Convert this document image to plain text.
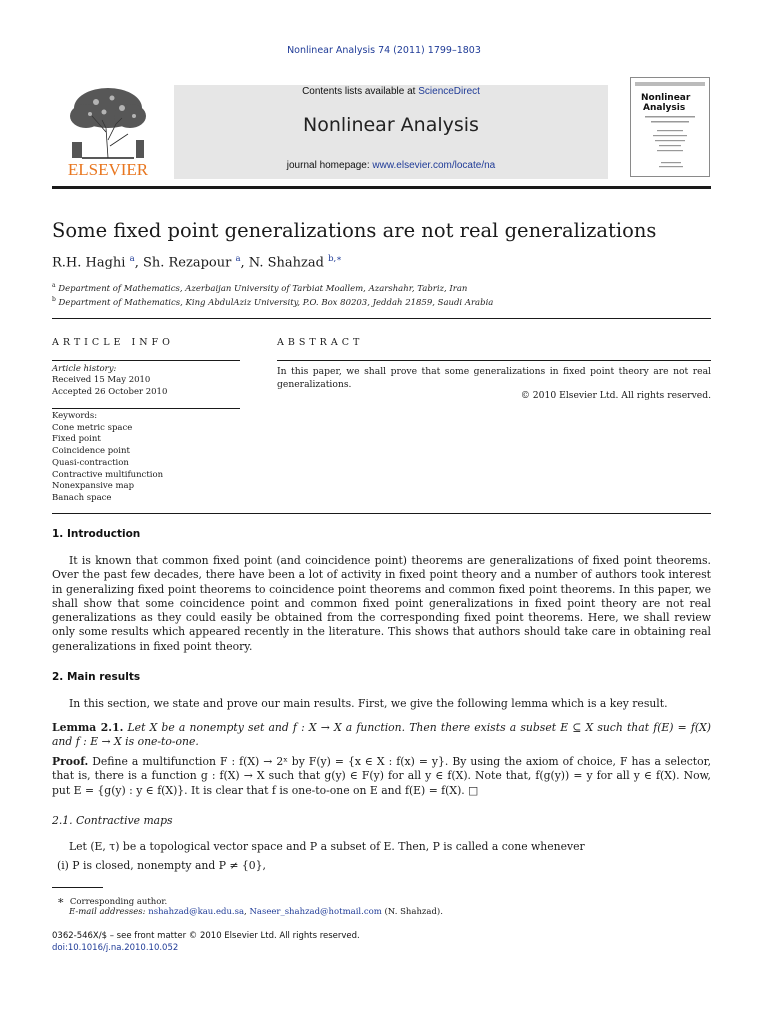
Nonlinear Analysis 74 (2011) 1799–1803
ELSEVIER
Contents lists available at ScienceDirect
Nonlinear Analysis
journal homepage: www.elsevier.com/locate/na
Nonlinear
Analysis
Some fixed point generalizations are not real generalizations
R.H. Haghi $^a$, Sh. Rezapour $^a$, N. Shahzad $^{b,∗}$
$^a$ Department of Mathematics, Azerbaijan University of Tarbiat Moallem, Azarshahr, Tabriz, Iran
$^b$ Department of Mathematics, King AbdulAziz University, P.O. Box 80203, Jeddah 21859, Saudi Arabia
ARTICLE INFO
Article history:
Received 15 May 2010
Accepted 26 October 2010
Keywords:
Cone metric space
Fixed point
Coincidence point
Quasi-contraction
Contractive multifunction
Nonexpansive map
Banach space
ABSTRACT
In this paper, we shall prove that some generalizations in fixed point theory are not real generalizations.
© 2010 Elsevier Ltd. All rights reserved.
1. Introduction
It is known that common fixed point (and coincidence point) theorems are generalizations of fixed point theorems. Over the past few decades, there have been a lot of activity in fixed point theory and a number of authors took interest in generalizing fixed point theorems to coincidence point theorems and common fixed point theorems. In this paper, we shall show that some coincidence point and common fixed point generalizations in fixed point theory are not real generalizations as they could easily be obtained from the corresponding fixed point theorems. Here, we shall review only some results which appeared recently in the literature. This shows that authors should take care in obtaining real generalizations in fixed point theory.
2. Main results
In this section, we state and prove our main results. First, we give the following lemma which is a key result.
Lemma 2.1. Let X be a nonempty set and f : X → X a function. Then there exists a subset E ⊆ X such that f(E) = f(X) and f : E → X is one-to-one.
Proof. Define a multifunction F : f(X) → 2ˣ by F(y) = {x ∈ X : f(x) = y}. By using the axiom of choice, F has a selector, that is, there is a function g : f(X) → X such that g(y) ∈ F(y) for all y ∈ f(X). Note that, f(g(y)) = y for all y ∈ f(X). Now, put E = {g(y) : y ∈ f(X)}. It is clear that f is one-to-one on E and f(E) = f(X). □
2.1. Contractive maps
Let (E, τ) be a topological vector space and P a subset of E. Then, P is called a cone whenever
(i) P is closed, nonempty and P ≠ {0},
∗ Corresponding author.
E-mail addresses: nshahzad@kau.edu.sa, Naseer_shahzad@hotmail.com (N. Shahzad).
0362-546X/$ – see front matter © 2010 Elsevier Ltd. All rights reserved.
doi:10.1016/j.na.2010.10.052
